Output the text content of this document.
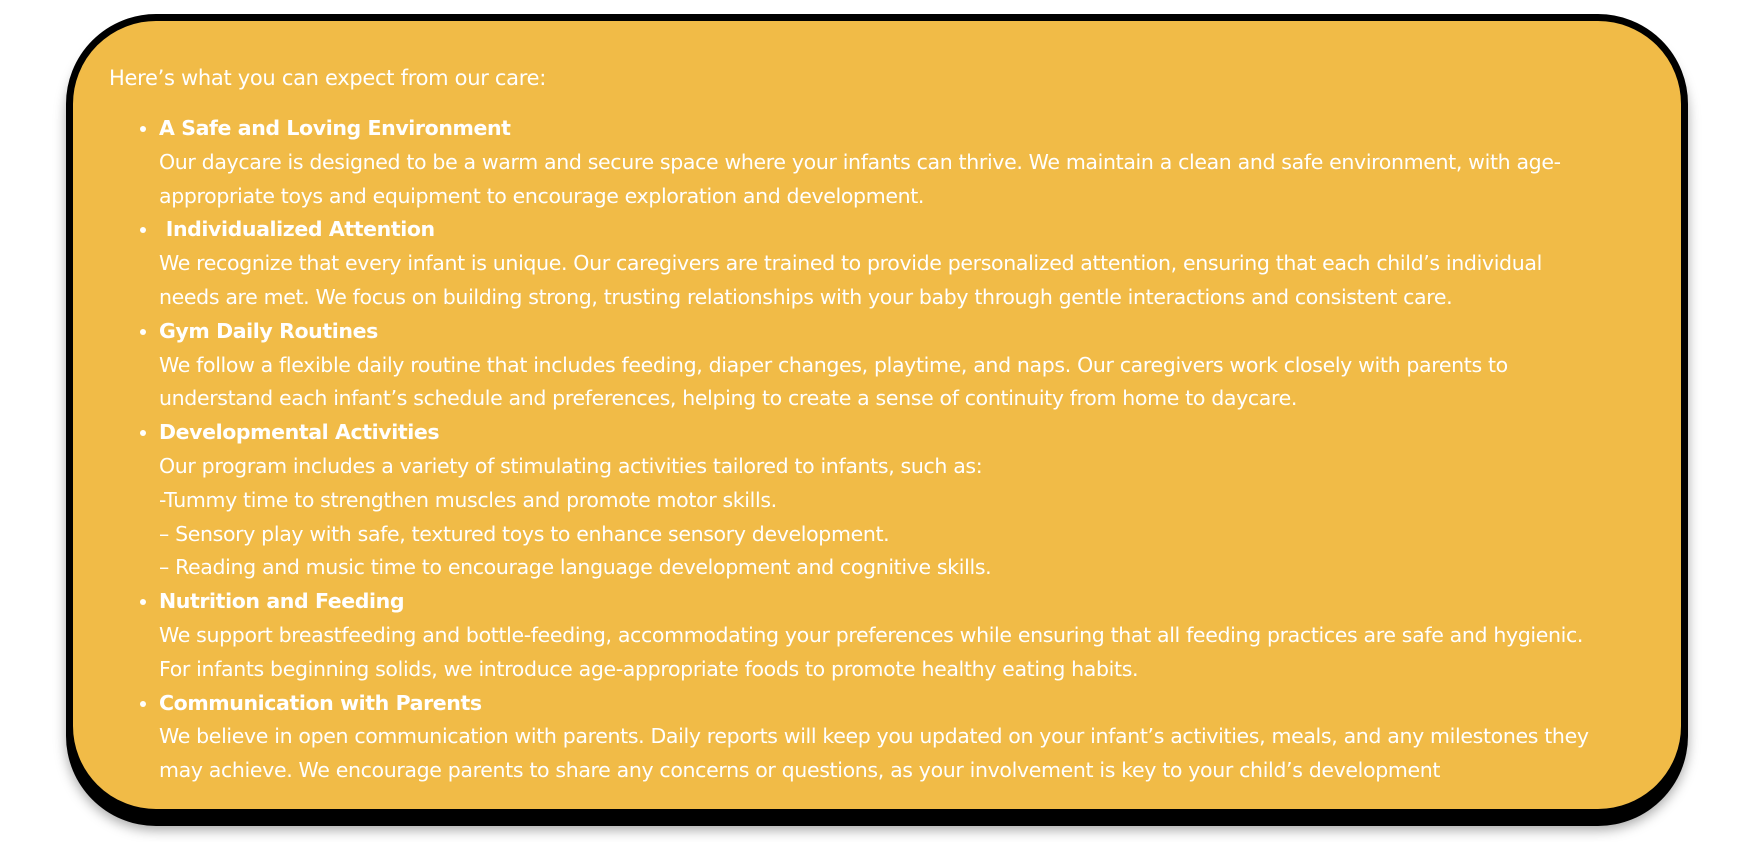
Here’s what you can expect from our care:

• A Safe and Loving Environment
Our daycare is designed to be a warm and secure space where your infants can thrive. We maintain a clean and safe environment, with age-
appropriate toys and equipment to encourage exploration and development.
•  Individualized Attention
We recognize that every infant is unique. Our caregivers are trained to provide personalized attention, ensuring that each child’s individual
needs are met. We focus on building strong, trusting relationships with your baby through gentle interactions and consistent care.
• Gym Daily Routines
We follow a flexible daily routine that includes feeding, diaper changes, playtime, and naps. Our caregivers work closely with parents to
understand each infant’s schedule and preferences, helping to create a sense of continuity from home to daycare.
• Developmental Activities
Our program includes a variety of stimulating activities tailored to infants, such as:
-Tummy time to strengthen muscles and promote motor skills.
– Sensory play with safe, textured toys to enhance sensory development.
– Reading and music time to encourage language development and cognitive skills.
• Nutrition and Feeding
We support breastfeeding and bottle-feeding, accommodating your preferences while ensuring that all feeding practices are safe and hygienic.
For infants beginning solids, we introduce age-appropriate foods to promote healthy eating habits.
• Communication with Parents
We believe in open communication with parents. Daily reports will keep you updated on your infant’s activities, meals, and any milestones they
may achieve. We encourage parents to share any concerns or questions, as your involvement is key to your child’s development
